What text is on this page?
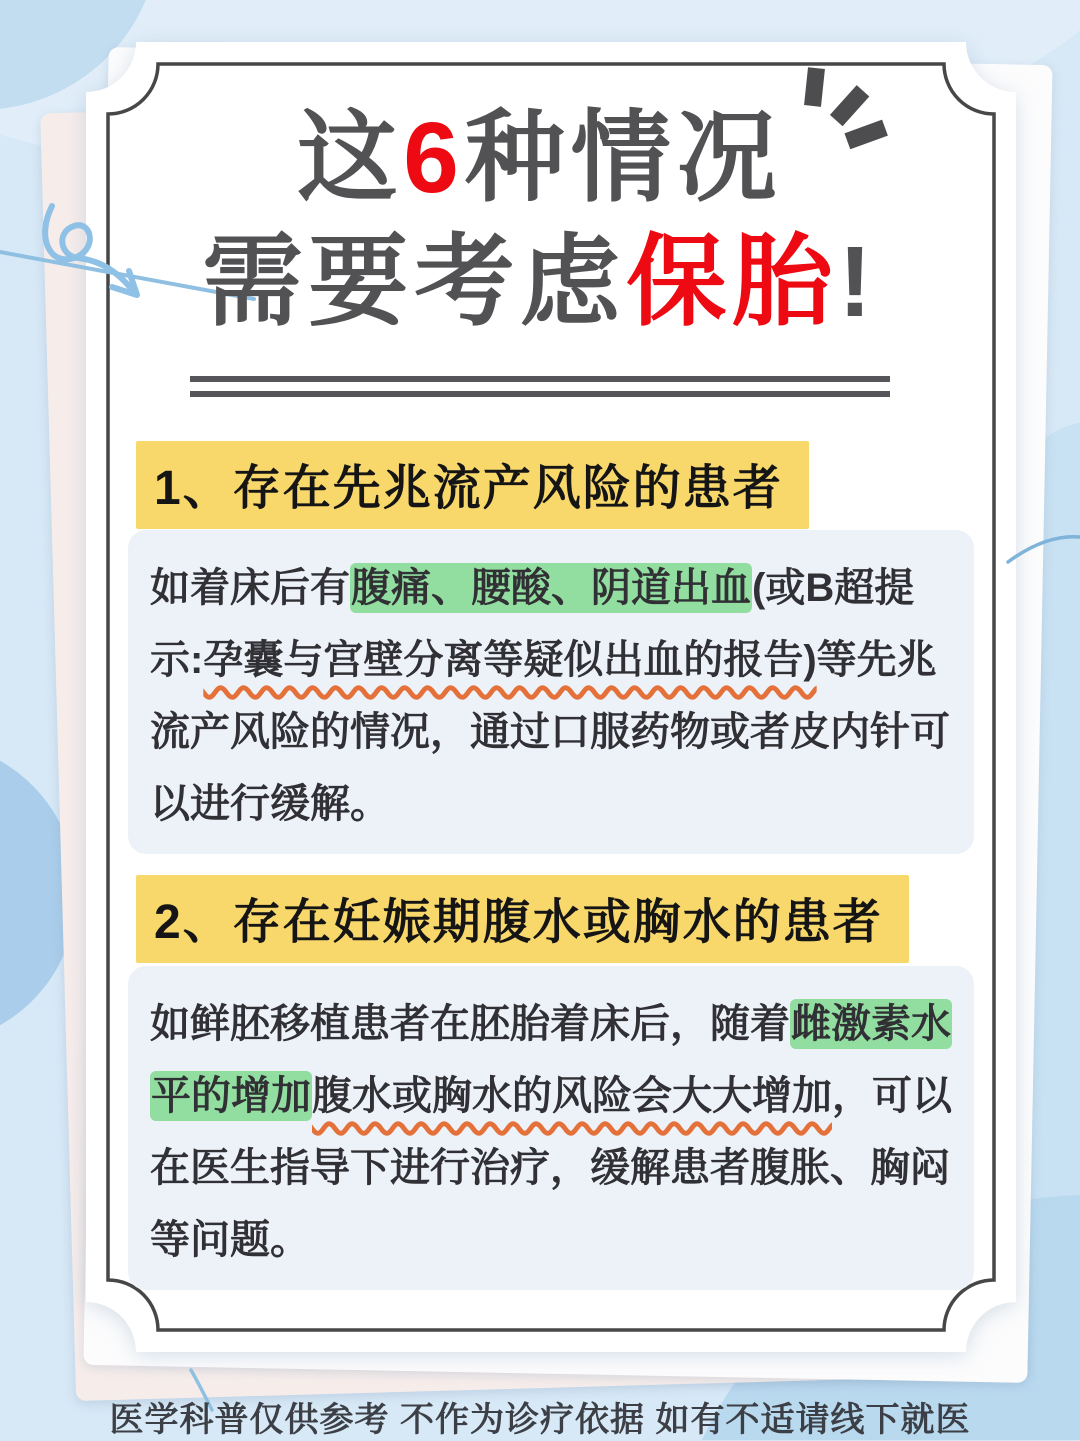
这6种情况
需要考虑保胎!
1、存在先兆流产风险的患者
如着床后有腹痛、腰酸、阴道出血(或B超提
示:孕囊与宫壁分离等疑似出血的报告)等先兆
流产风险的情况，通过口服药物或者皮内针可
以进行缓解。
2、存在妊娠期腹水或胸水的患者
如鲜胚移植患者在胚胎着床后，随着雌激素水
平的增加腹水或胸水的风险会大大增加，可以
在医生指导下进行治疗，缓解患者腹胀、胸闷
等问题。
医学科普仅供参考 不作为诊疗依据 如有不适请线下就医
